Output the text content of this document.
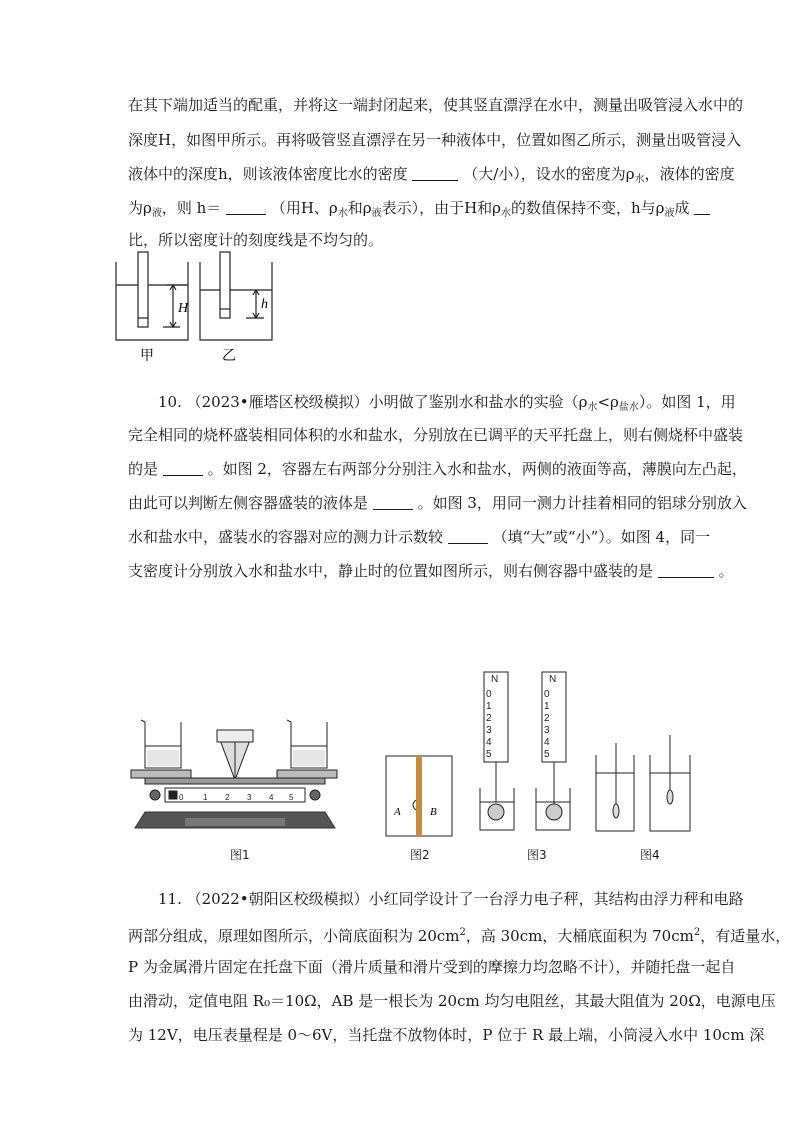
在其下端加适当的配重，并将这一端封闭起来，使其竖直漂浮在水中，测量出吸管浸入水中的
深度H，如图甲所示。再将吸管竖直漂浮在另一种液体中，位置如图乙所示，测量出吸管浸入
液体中的深度h，则该液体密度比水的密度	（大/小），设水的密度为$\rho_水$，液体的密度
为$\rho_液$，则 h＝	（用H、$\rho_水$和$\rho_液$表示），由于H和$\rho_水$的数值保持不变，h与$\rho_液$成
比，所以密度计的刻度线是不均匀的。
H	h
甲	乙
10. （2023•雁塔区校级模拟）小明做了鉴别水和盐水的实验$(\rho_水<\rho_{盐水})$。如图 1，用
完全相同的烧杯盛装相同体积的水和盐水，分别放在已调平的天平托盘上，则右侧烧杯中盛装
的是	。如图 2，容器左右两部分分别注入水和盐水，两侧的液面等高，薄膜向左凸起，
由此可以判断左侧容器盛装的液体是	。如图 3，用同一测力计挂着相同的铝球分别放入
水和盐水中，盛装水的容器对应的测力计示数较	（填“大”或“小”）。如图 4，同一
支密度计分别放入水和盐水中，静止时的位置如图所示，则右侧容器中盛装的是	。
0 1 2 3 4 5
图1
A	B
图2
N	N
0
1
2
3
4
5
0
1
2
3
4
5
图3	图4
11. （2022•朝阳区校级模拟）小红同学设计了一台浮力电子秤，其结构由浮力秤和电路
两部分组成，原理如图所示，小筒底面积为 $20cm^2$，高 30cm，大桶底面积为 $70cm^2$，有适量水，
P 为金属滑片固定在托盘下面（滑片质量和滑片受到的摩擦力均忽略不计），并随托盘一起自
由滑动，定值电阻 R₀＝10Ω，AB 是一根长为 20cm 均匀电阻丝，其最大阻值为 20Ω，电源电压
为 12V，电压表量程是 0～6V，当托盘不放物体时，P 位于 R 最上端，小筒浸入水中 10cm 深
